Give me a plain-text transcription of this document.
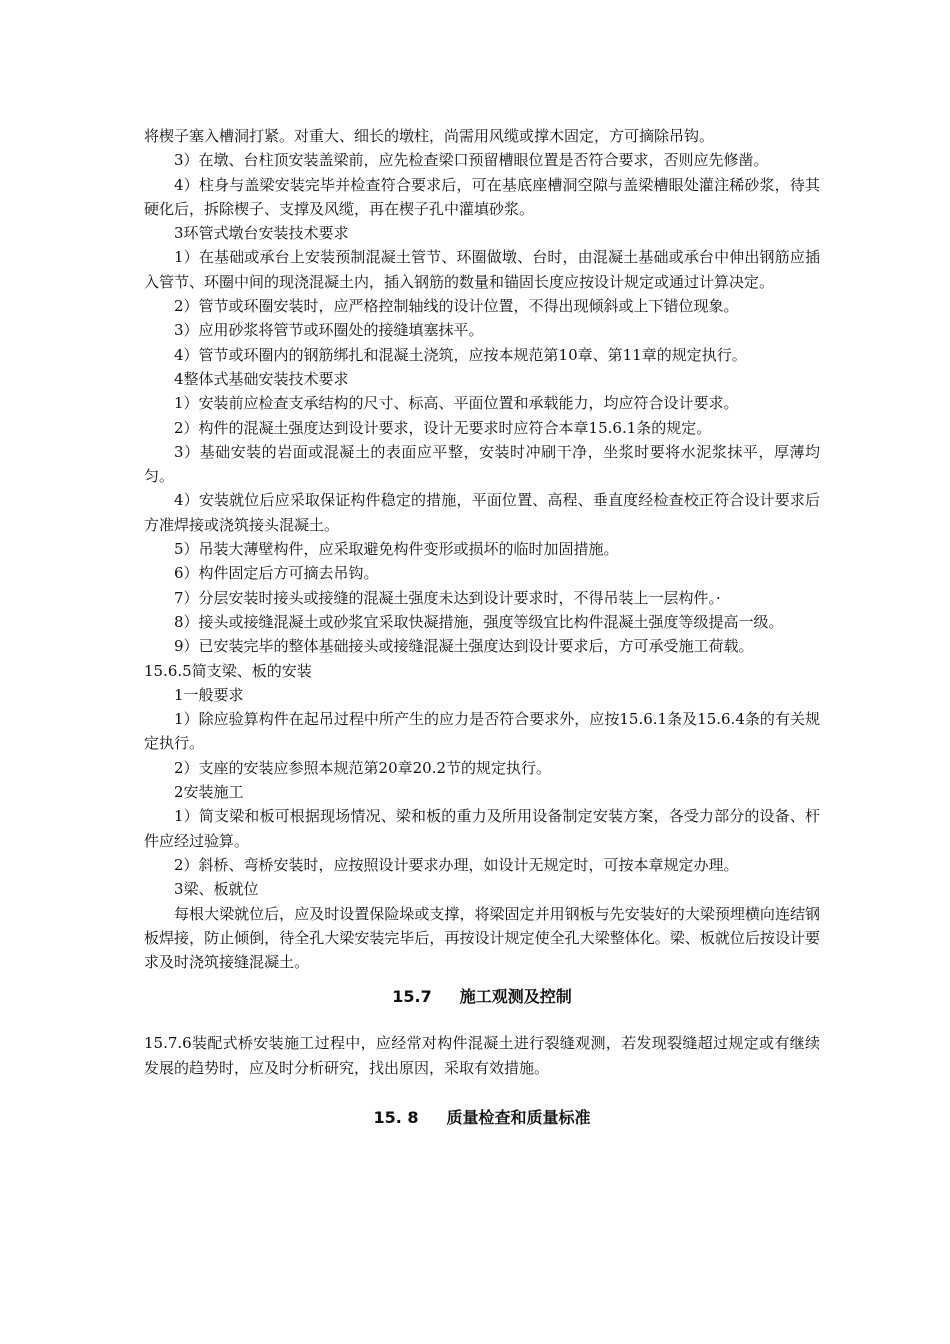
将楔子塞入槽洞打紧。对重大、细长的墩柱，尚需用风缆或撑木固定，方可摘除吊钩。

3）在墩、台柱顶安装盖梁前，应先检查梁口预留槽眼位置是否符合要求，否则应先修凿。

4）柱身与盖梁安装完毕并检查符合要求后，可在基底座槽洞空隙与盖梁槽眼处灌注稀砂浆，待其硬化后，拆除楔子、支撑及风缆，再在楔子孔中灌填砂浆。

3环管式墩台安装技术要求

1）在基础或承台上安装预制混凝土管节、环圈做墩、台时，由混凝土基础或承台中伸出钢筋应插入管节、环圈中间的现浇混凝土内，插入钢筋的数量和锚固长度应按设计规定或通过计算决定。

2）管节或环圈安装时，应严格控制轴线的设计位置，不得出现倾斜或上下错位现象。

3）应用砂浆将管节或环圈处的接缝填塞抹平。

4）管节或环圈内的钢筋绑扎和混凝土浇筑，应按本规范第10章、第11章的规定执行。

4整体式基础安装技术要求

1）安装前应检查支承结构的尺寸、标高、平面位置和承载能力，均应符合设计要求。

2）构件的混凝土强度达到设计要求，设计无要求时应符合本章15.6.1条的规定。

3）基础安装的岩面或混凝土的表面应平整，安装时冲刷干净，坐浆时要将水泥浆抹平，厚薄均匀。

4）安装就位后应采取保证构件稳定的措施，平面位置、高程、垂直度经检查校正符合设计要求后方准焊接或浇筑接头混凝土。

5）吊装大薄壁构件，应采取避免构件变形或损坏的临时加固措施。

6）构件固定后方可摘去吊钩。

7）分层安装时接头或接缝的混凝土强度未达到设计要求时，不得吊装上一层构件。·

8）接头或接缝混凝土或砂浆宜采取快凝措施，强度等级宜比构件混凝土强度等级提高一级。

9）已安装完毕的整体基础接头或接缝混凝土强度达到设计要求后，方可承受施工荷载。

15.6.5简支梁、板的安装

1一般要求

1）除应验算构件在起吊过程中所产生的应力是否符合要求外，应按15.6.1条及15.6.4条的有关规定执行。

2）支座的安装应参照本规范第20章20.2节的规定执行。

2安装施工

1）简支梁和板可根据现场情况、梁和板的重力及所用设备制定安装方案，各受力部分的设备、杆件应经过验算。

2）斜桥、弯桥安装时，应按照设计要求办理，如设计无规定时，可按本章规定办理。

3梁、板就位

每根大梁就位后，应及时设置保险垛或支撑，将梁固定并用钢板与先安装好的大梁预埋横向连结钢板焊接，防止倾倒，待全孔大梁安装完毕后，再按设计规定使全孔大梁整体化。梁、板就位后按设计要求及时浇筑接缝混凝土。

15.7 施工观测及控制

15.7.6装配式桥安装施工过程中，应经常对构件混凝土进行裂缝观测，若发现裂缝超过规定或有继续发展的趋势时，应及时分析研究，找出原因，采取有效措施。

15. 8 质量检查和质量标准
